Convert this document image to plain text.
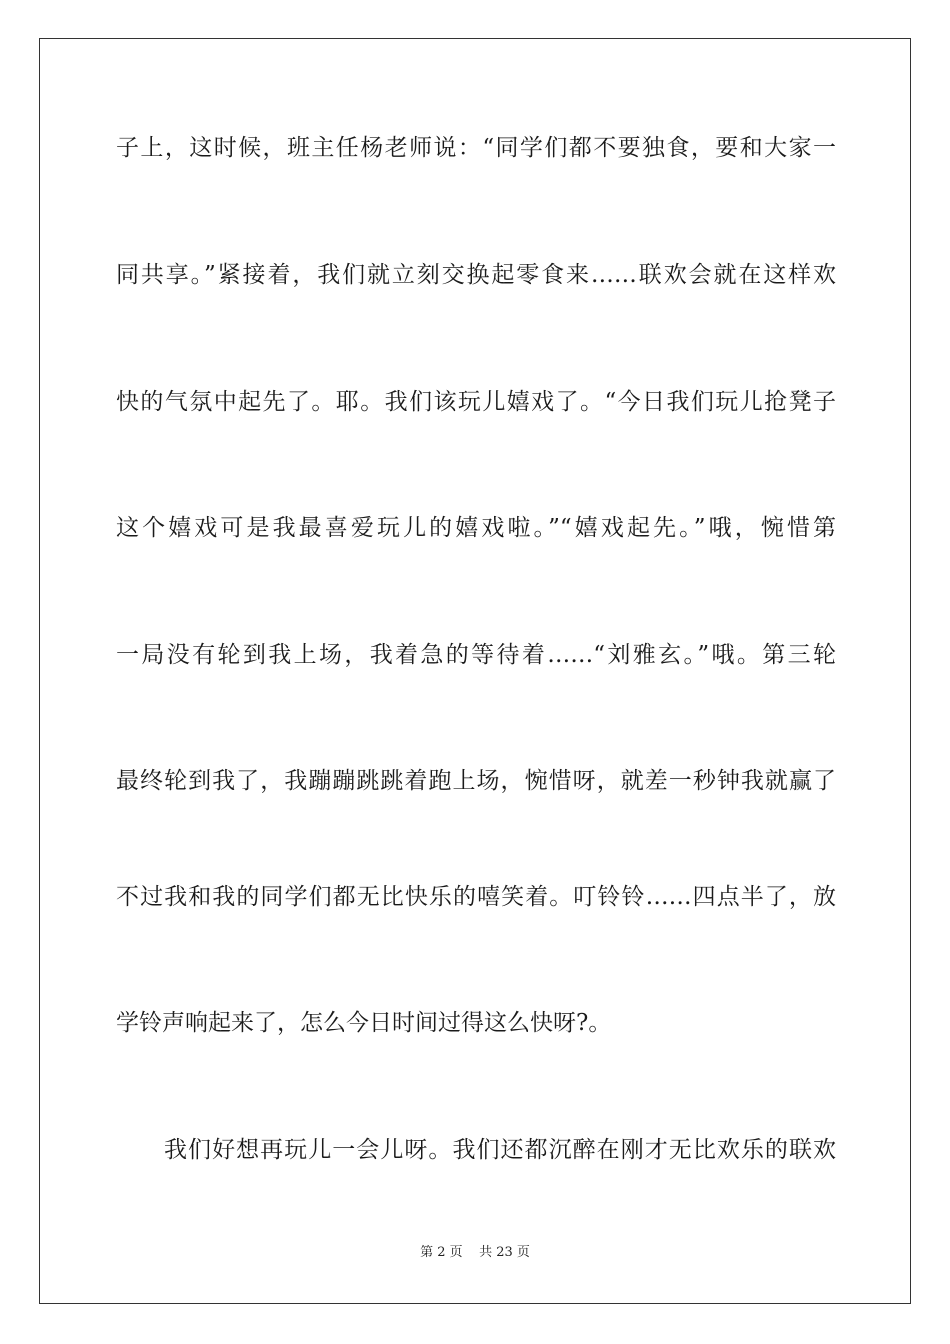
子上，这时候，班主任杨老师说：“同学们都不要独食，要和大家一
同共享。”紧接着，我们就立刻交换起零食来……联欢会就在这样欢
快的气氛中起先了。耶。我们该玩儿嬉戏了。“今日我们玩儿抢凳子
这个嬉戏可是我最喜爱玩儿的嬉戏啦。”“嬉戏起先。”哦，惋惜第
一局没有轮到我上场，我着急的等待着……“刘雅玄。”哦。第三轮
最终轮到我了，我蹦蹦跳跳着跑上场，惋惜呀，就差一秒钟我就赢了
不过我和我的同学们都无比快乐的嘻笑着。叮铃铃……四点半了，放
学铃声响起来了，怎么今日时间过得这么快呀?。
我们好想再玩儿一会儿呀。我们还都沉醉在刚才无比欢乐的联欢
第 2 页    共 23 页
